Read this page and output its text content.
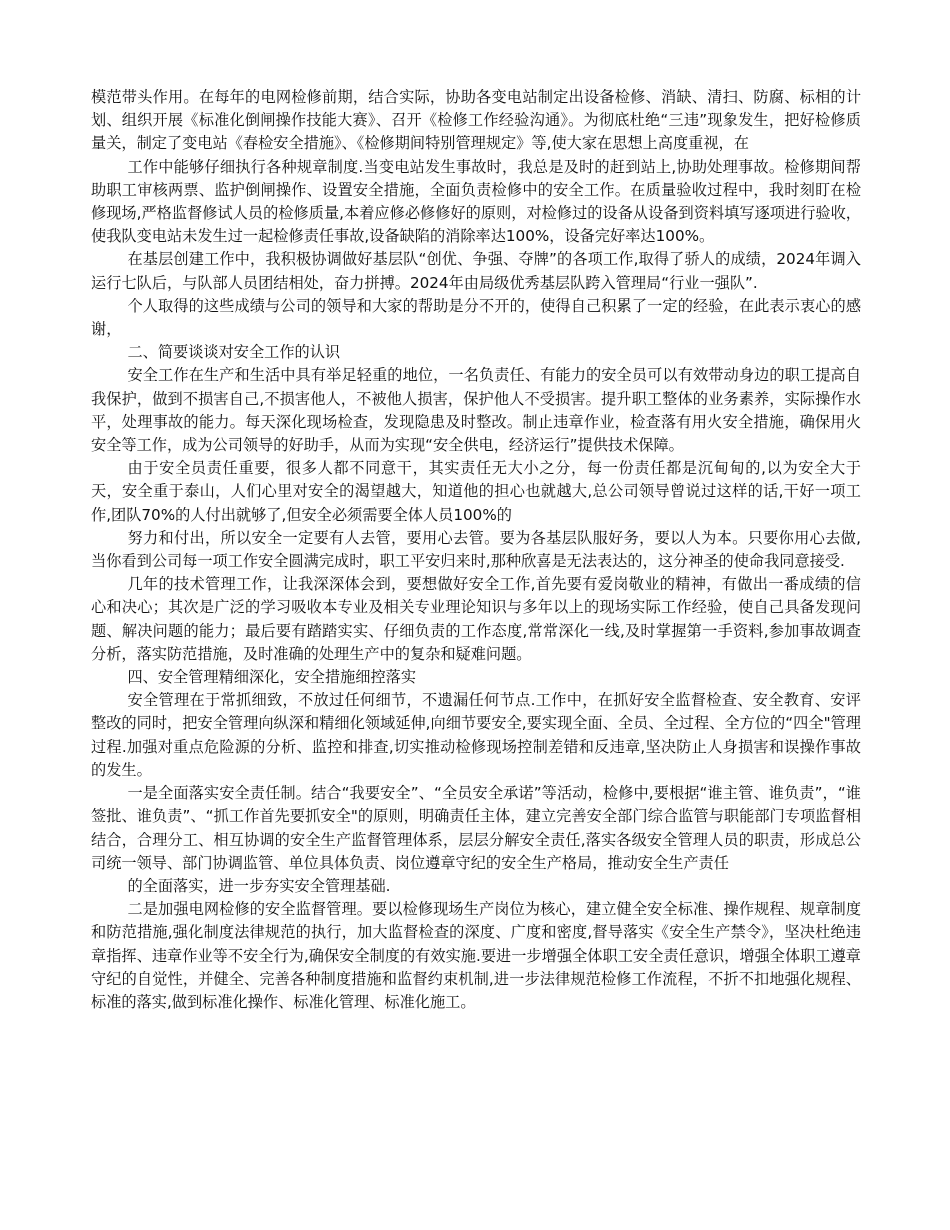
模范带头作用。在每年的电网检修前期，结合实际，协助各变电站制定出设备检修、消缺、清扫、防腐、标相的计划、组织开展《标准化倒闸操作技能大赛》、召开《检修工作经验沟通》。为彻底杜绝“三违”现象发生，把好检修质量关，制定了变电站《春检安全措施》、《检修期间特别管理规定》等,使大家在思想上高度重视，在

工作中能够仔细执行各种规章制度.当变电站发生事故时，我总是及时的赶到站上,协助处理事故。检修期间帮助职工审核两票、监护倒闸操作、设置安全措施，全面负责检修中的安全工作。在质量验收过程中，我时刻盯在检修现场,严格监督修试人员的检修质量,本着应修必修修好的原则，对检修过的设备从设备到资料填写逐项进行验收，使我队变电站未发生过一起检修责任事故,设备缺陷的消除率达100%，设备完好率达100%。

在基层创建工作中，我积极协调做好基层队“创优、争强、夺牌”的各项工作,取得了骄人的成绩，2024年调入运行七队后，与队部人员团结相处，奋力拼搏。2024年由局级优秀基层队跨入管理局“行业一强队”.

个人取得的这些成绩与公司的领导和大家的帮助是分不开的，使得自己积累了一定的经验，在此表示衷心的感谢，

二、简要谈谈对安全工作的认识

安全工作在生产和生活中具有举足轻重的地位，一名负责任、有能力的安全员可以有效带动身边的职工提高自我保护，做到不损害自己,不损害他人，不被他人损害，保护他人不受损害。提升职工整体的业务素养，实际操作水平，处理事故的能力。每天深化现场检查，发现隐患及时整改。制止违章作业，检查落有用火安全措施，确保用火安全等工作，成为公司领导的好助手，从而为实现“安全供电，经济运行”提供技术保障。

由于安全员责任重要，很多人都不同意干，其实责任无大小之分，每一份责任都是沉甸甸的,以为安全大于天，安全重于泰山，人们心里对安全的渴望越大，知道他的担心也就越大,总公司领导曾说过这样的话,干好一项工作,团队70%的人付出就够了,但安全必须需要全体人员100%的

努力和付出，所以安全一定要有人去管，要用心去管。要为各基层队服好务，要以人为本。只要你用心去做,当你看到公司每一项工作安全圆满完成时，职工平安归来时,那种欣喜是无法表达的，这分神圣的使命我同意接受.

几年的技术管理工作，让我深深体会到，要想做好安全工作,首先要有爱岗敬业的精神，有做出一番成绩的信心和决心；其次是广泛的学习吸收本专业及相关专业理论知识与多年以上的现场实际工作经验，使自己具备发现问题、解决问题的能力；最后要有踏踏实实、仔细负责的工作态度,常常深化一线,及时掌握第一手资料,参加事故调查分析，落实防范措施，及时准确的处理生产中的复杂和疑难问题。

四、安全管理精细深化，安全措施细控落实

安全管理在于常抓细致，不放过任何细节，不遗漏任何节点.工作中，在抓好安全监督检查、安全教育、安评整改的同时，把安全管理向纵深和精细化领域延伸,向细节要安全,要实现全面、全员、全过程、全方位的“四全"管理过程.加强对重点危险源的分析、监控和排查,切实推动检修现场控制差错和反违章,坚决防止人身损害和误操作事故的发生。

一是全面落实安全责任制。结合“我要安全”、“全员安全承诺”等活动，检修中,要根据“谁主管、谁负责”，“谁签批、谁负责”、“抓工作首先要抓安全"的原则，明确责任主体，建立完善安全部门综合监管与职能部门专项监督相结合，合理分工、相互协调的安全生产监督管理体系，层层分解安全责任,落实各级安全管理人员的职责，形成总公司统一领导、部门协调监管、单位具体负责、岗位遵章守纪的安全生产格局，推动安全生产责任

的全面落实，进一步夯实安全管理基础.

二是加强电网检修的安全监督管理。要以检修现场生产岗位为核心，建立健全安全标准、操作规程、规章制度和防范措施,强化制度法律规范的执行，加大监督检查的深度、广度和密度,督导落实《安全生产禁令》，坚决杜绝违章指挥、违章作业等不安全行为,确保安全制度的有效实施.要进一步增强全体职工安全责任意识，增强全体职工遵章守纪的自觉性，并健全、完善各种制度措施和监督约束机制,进一步法律规范检修工作流程，不折不扣地强化规程、标准的落实,做到标准化操作、标准化管理、标准化施工。
